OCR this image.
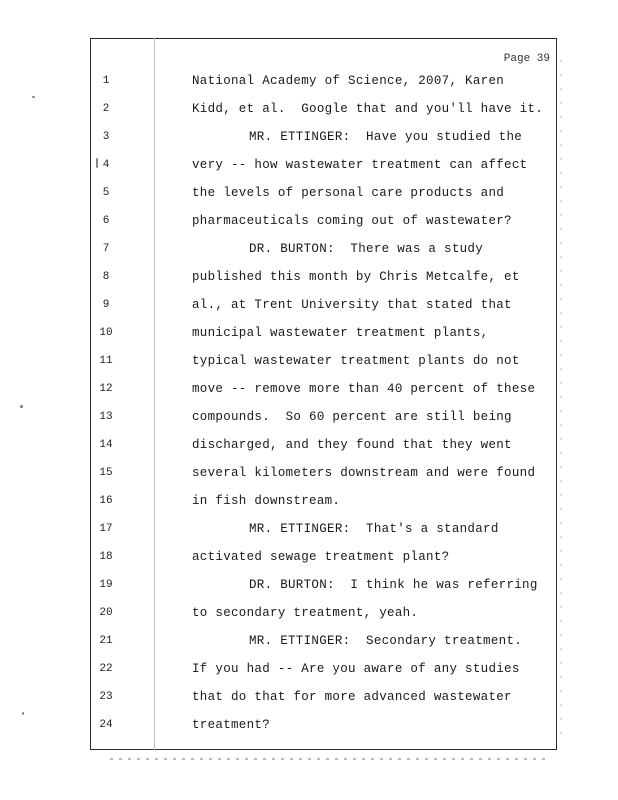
Page 39
1	National Academy of Science, 2007, Karen
2	Kidd, et al.  Google that and you'll have it.
3	MR. ETTINGER:  Have you studied the
4	very -- how wastewater treatment can affect
5	the levels of personal care products and
6	pharmaceuticals coming out of wastewater?
7	DR. BURTON:  There was a study
8	published this month by Chris Metcalfe, et
9	al., at Trent University that stated that
10	municipal wastewater treatment plants,
11	typical wastewater treatment plants do not
12	move -- remove more than 40 percent of these
13	compounds.  So 60 percent are still being
14	discharged, and they found that they went
15	several kilometers downstream and were found
16	in fish downstream.
17	MR. ETTINGER:  That's a standard
18	activated sewage treatment plant?
19	DR. BURTON:  I think he was referring
20	to secondary treatment, yeah.
21	MR. ETTINGER:  Secondary treatment.
22	If you had -- Are you aware of any studies
23	that do that for more advanced wastewater
24	treatment?
